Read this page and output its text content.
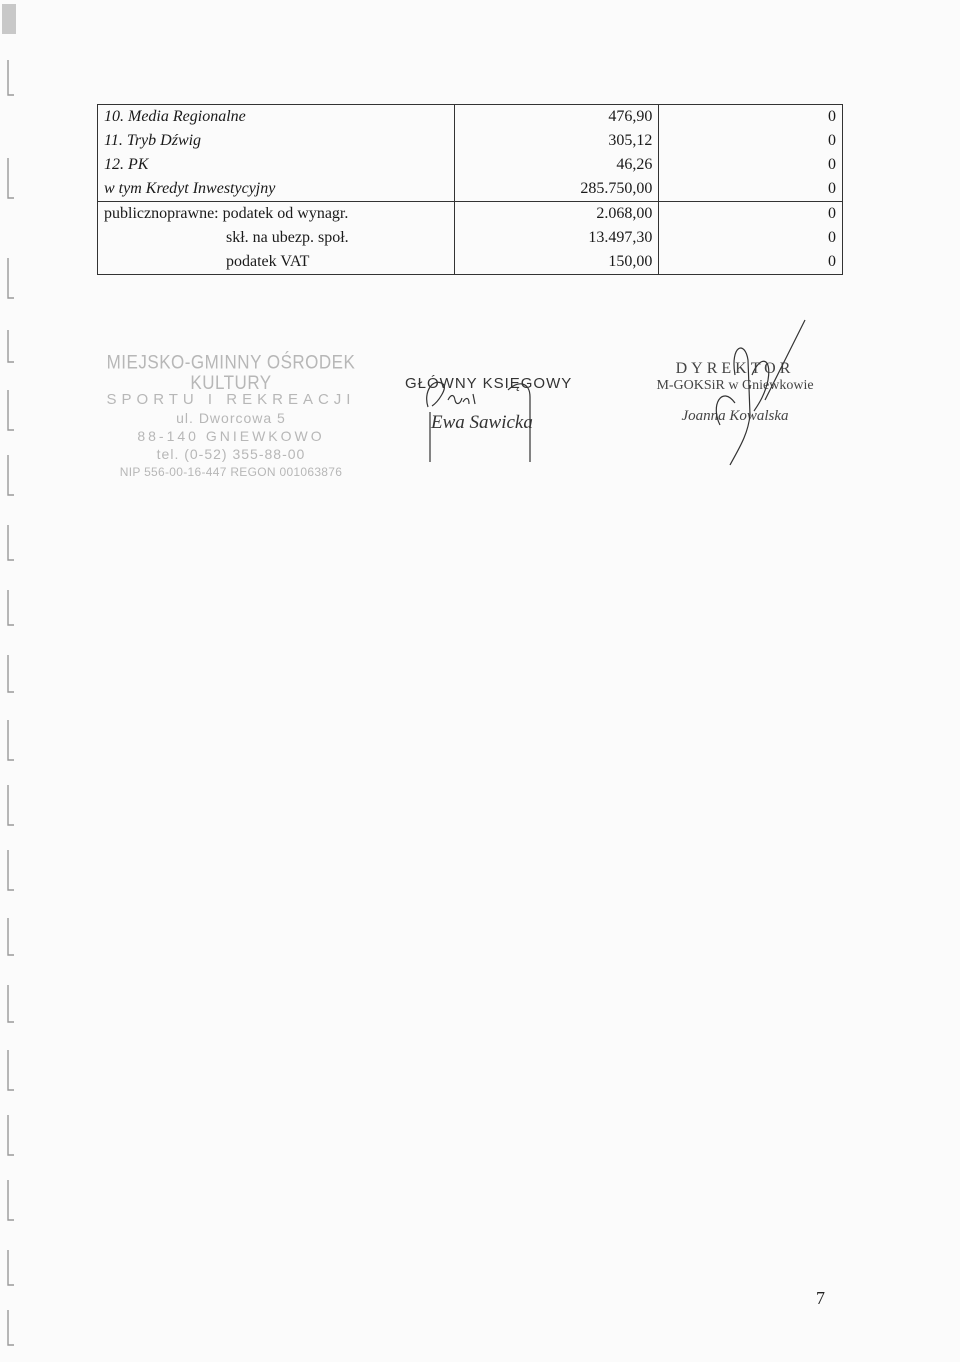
10. Media Regionalne	476,90	0
11. Tryb Dźwig	305,12	0
12. PK	46,26	0
w tym Kredyt Inwestycyjny	285.750,00	0
publicznoprawne: podatek od wynagr.	2.068,00	0
skł. na ubezp. społ.	13.497,30	0
podatek VAT	150,00	0
MIEJSKO-GMINNY OŚRODEK KULTURY
SPORTU I REKREACJI
ul. Dworcowa 5
88-140 GNIEWKOWO
tel. (0-52) 355-88-00
NIP 556-00-16-447 REGON 001063876
GŁÓWNY KSIĘGOWY
Ewa Sawicka
DYREKTOR
M-GOKSiR w Gniewkowie
Joanna Kowalska
7
